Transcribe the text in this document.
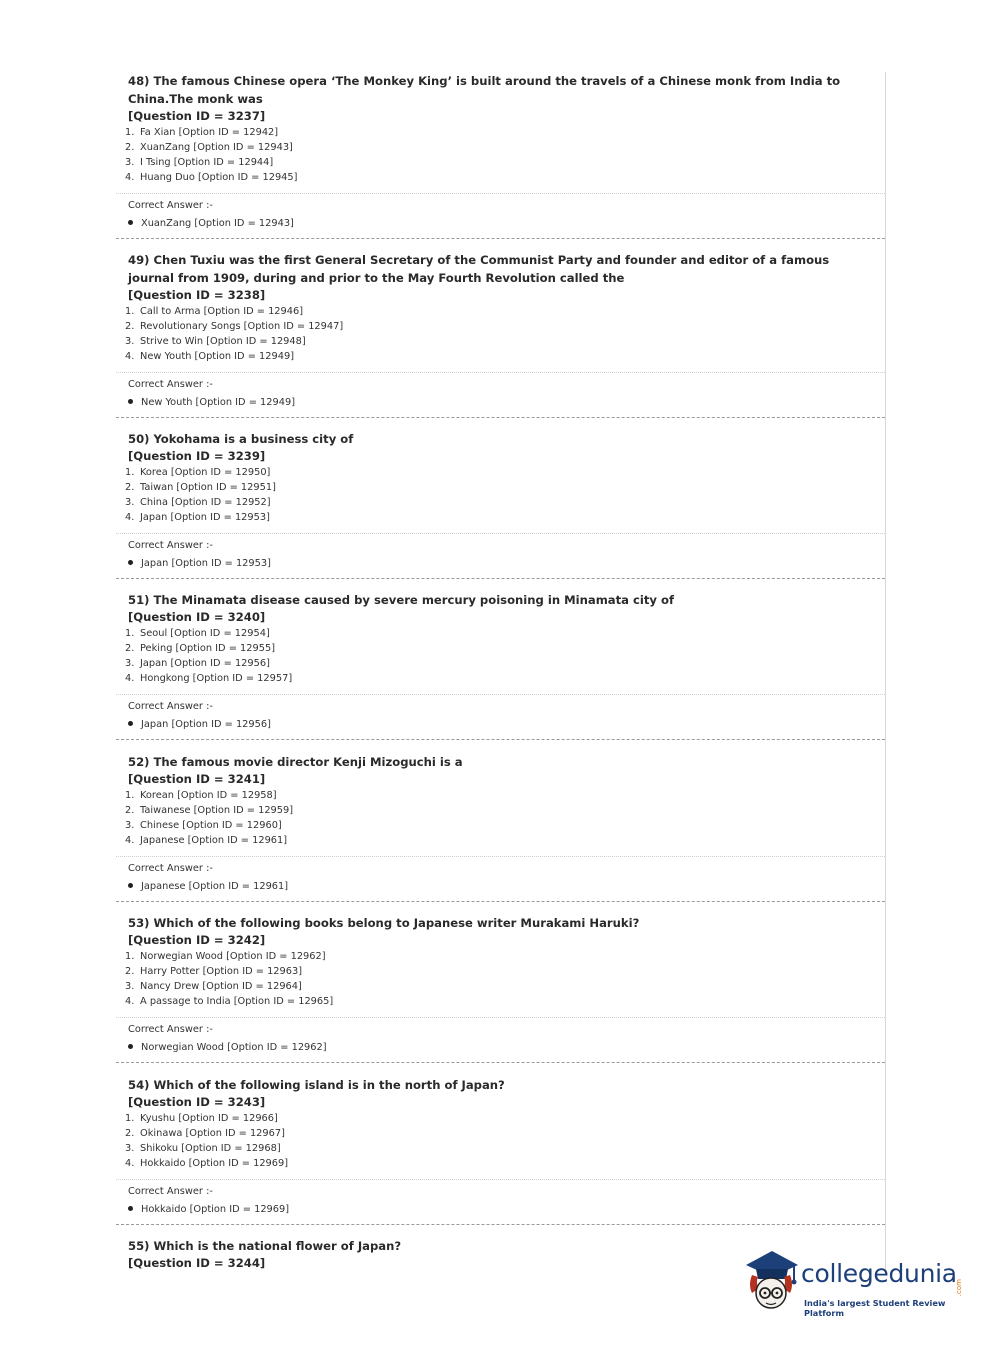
48) The famous Chinese opera ‘The Monkey King’ is built around the travels of a Chinese monk from India to China.The monk was
[Question ID = 3237]
1. Fa Xian [Option ID = 12942]
2. XuanZang [Option ID = 12943]
3. I Tsing [Option ID = 12944]
4. Huang Duo [Option ID = 12945]
Correct Answer :-
XuanZang [Option ID = 12943]
49) Chen Tuxiu was the first General Secretary of the Communist Party and founder and editor of a famous journal from 1909, during and prior to the May Fourth Revolution called the
[Question ID = 3238]
1. Call to Arma [Option ID = 12946]
2. Revolutionary Songs [Option ID = 12947]
3. Strive to Win [Option ID = 12948]
4. New Youth [Option ID = 12949]
Correct Answer :-
New Youth [Option ID = 12949]
50) Yokohama is a business city of
[Question ID = 3239]
1. Korea [Option ID = 12950]
2. Taiwan [Option ID = 12951]
3. China [Option ID = 12952]
4. Japan [Option ID = 12953]
Correct Answer :-
Japan [Option ID = 12953]
51) The Minamata disease caused by severe mercury poisoning in Minamata city of
[Question ID = 3240]
1. Seoul [Option ID = 12954]
2. Peking [Option ID = 12955]
3. Japan [Option ID = 12956]
4. Hongkong [Option ID = 12957]
Correct Answer :-
Japan [Option ID = 12956]
52) The famous movie director Kenji Mizoguchi is a
[Question ID = 3241]
1. Korean [Option ID = 12958]
2. Taiwanese [Option ID = 12959]
3. Chinese [Option ID = 12960]
4. Japanese [Option ID = 12961]
Correct Answer :-
Japanese [Option ID = 12961]
53) Which of the following books belong to Japanese writer Murakami Haruki?
[Question ID = 3242]
1. Norwegian Wood [Option ID = 12962]
2. Harry Potter [Option ID = 12963]
3. Nancy Drew [Option ID = 12964]
4. A passage to India [Option ID = 12965]
Correct Answer :-
Norwegian Wood [Option ID = 12962]
54) Which of the following island is in the north of Japan?
[Question ID = 3243]
1. Kyushu [Option ID = 12966]
2. Okinawa [Option ID = 12967]
3. Shikoku [Option ID = 12968]
4. Hokkaido [Option ID = 12969]
Correct Answer :-
Hokkaido [Option ID = 12969]
55) Which is the national flower of Japan?
[Question ID = 3244]	collegedunia
.com
India's largest Student Review Platform
